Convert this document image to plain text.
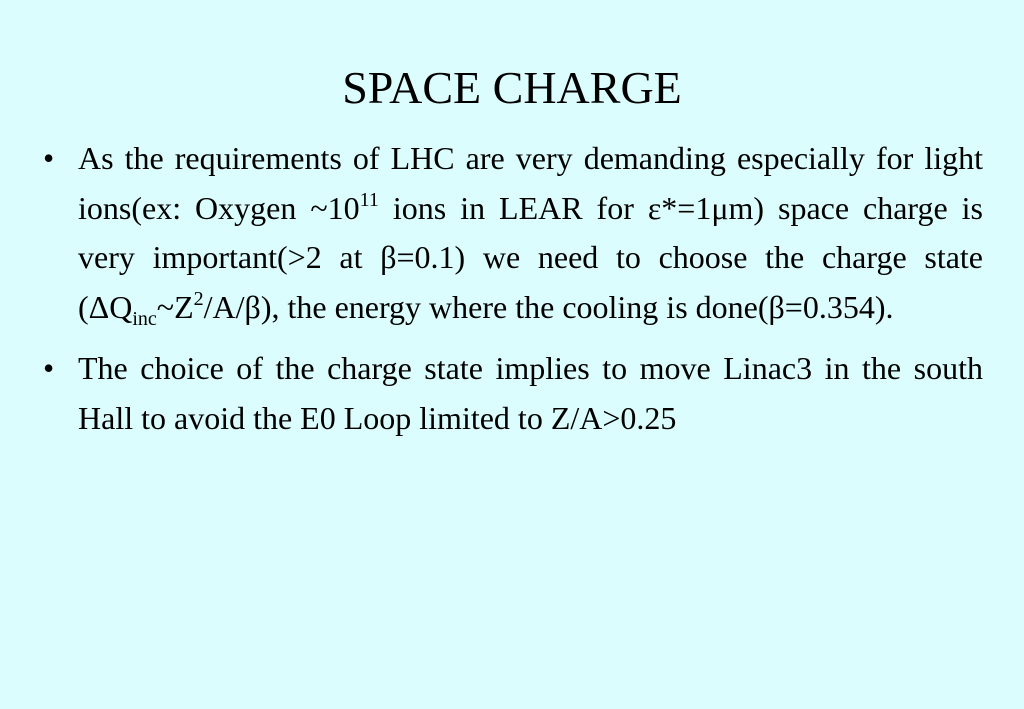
SPACE CHARGE
• As the requirements of LHC are very demanding especially for light ions(ex: Oxygen $\sim 10^{11}$ ions in LEAR for ε*=1μm) space charge is very important(>2 at β=0.1) we need to choose the charge state $(\Delta Q_{inc}\sim Z^2/A/\beta)$, the energy where the cooling is done(β=0.354).
• The choice of the charge state implies to move Linac3 in the south Hall to avoid the E0 Loop limited to Z/A>0.25
